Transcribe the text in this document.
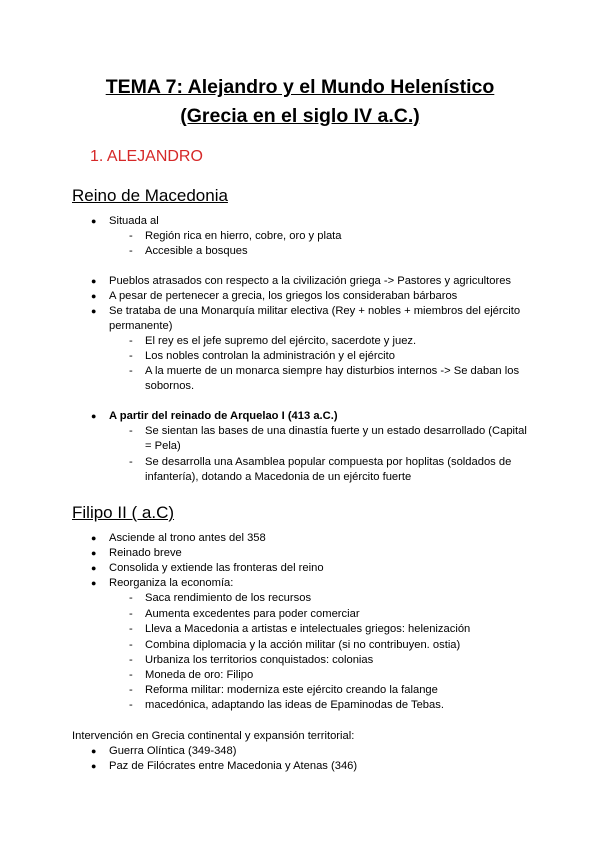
TEMA 7: Alejandro y el Mundo Helenístico
(Grecia en el siglo IV a.C.)
1. ALEJANDRO
Reino de Macedonia
● Situada al
- Región rica en hierro, cobre, oro y plata
- Accesible a bosques
● Pueblos atrasados con respecto a la civilización griega -> Pastores y agricultores
● A pesar de pertenecer a grecia, los griegos los consideraban bárbaros
● Se trataba de una Monarquía militar electiva (Rey + nobles + miembros del ejército
permanente)
- El rey es el jefe supremo del ejército, sacerdote y juez.
- Los nobles controlan la administración y el ejército
- A la muerte de un monarca siempre hay disturbios internos -> Se daban los
sobornos.
● A partir del reinado de Arquelao I (413 a.C.)
- Se sientan las bases de una dinastía fuerte y un estado desarrollado (Capital
= Pela)
- Se desarrolla una Asamblea popular compuesta por hoplitas (soldados de
infantería), dotando a Macedonia de un ejército fuerte
Filipo II ( a.C)
● Asciende al trono antes del 358
● Reinado breve
● Consolida y extiende las fronteras del reino
● Reorganiza la economía:
- Saca rendimiento de los recursos
- Aumenta excedentes para poder comerciar
- Lleva a Macedonia a artistas e intelectuales griegos: helenización
- Combina diplomacia y la acción militar (si no contribuyen. ostia)
- Urbaniza los territorios conquistados: colonias
- Moneda de oro: Filipo
- Reforma militar: moderniza este ejército creando la falange
- macedónica, adaptando las ideas de Epaminodas de Tebas.
Intervención en Grecia continental y expansión territorial:
● Guerra Olíntica (349-348)
● Paz de Filócrates entre Macedonia y Atenas (346)
